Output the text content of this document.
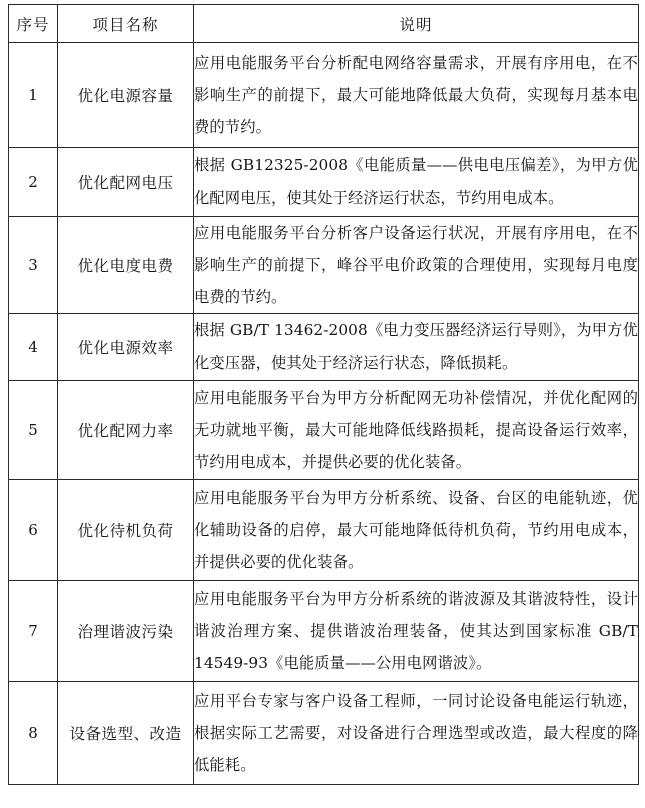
序号	项目名称	说明
1	优化电源容量	应用电能服务平台分析配电网络容量需求，开展有序用电，在不影响生产的前提下，最大可能地降低最大负荷，实现每月基本电费的节约。
2	优化配网电压	根据 GB12325-2008《电能质量——供电电压偏差》，为甲方优化配网电压，使其处于经济运行状态，节约用电成本。
3	优化电度电费	应用电能服务平台分析客户设备运行状况，开展有序用电，在不影响生产的前提下，峰谷平电价政策的合理使用，实现每月电度电费的节约。
4	优化电源效率	根据 GB/T 13462-2008《电力变压器经济运行导则》，为甲方优化变压器，使其处于经济运行状态，降低损耗。
5	优化配网力率	应用电能服务平台为甲方分析配网无功补偿情况，并优化配网的无功就地平衡，最大可能地降低线路损耗，提高设备运行效率，节约用电成本，并提供必要的优化装备。
6	优化待机负荷	应用电能服务平台为甲方分析系统、设备、台区的电能轨迹，优化辅助设备的启停，最大可能地降低待机负荷，节约用电成本，并提供必要的优化装备。
7	治理谐波污染	应用电能服务平台为甲方分析系统的谐波源及其谐波特性，设计谐波治理方案、提供谐波治理装备，使其达到国家标准 GB/T 14549-93《电能质量——公用电网谐波》。
8	设备选型、改造	应用平台专家与客户设备工程师，一同讨论设备电能运行轨迹，根据实际工艺需要，对设备进行合理选型或改造，最大程度的降低能耗。
